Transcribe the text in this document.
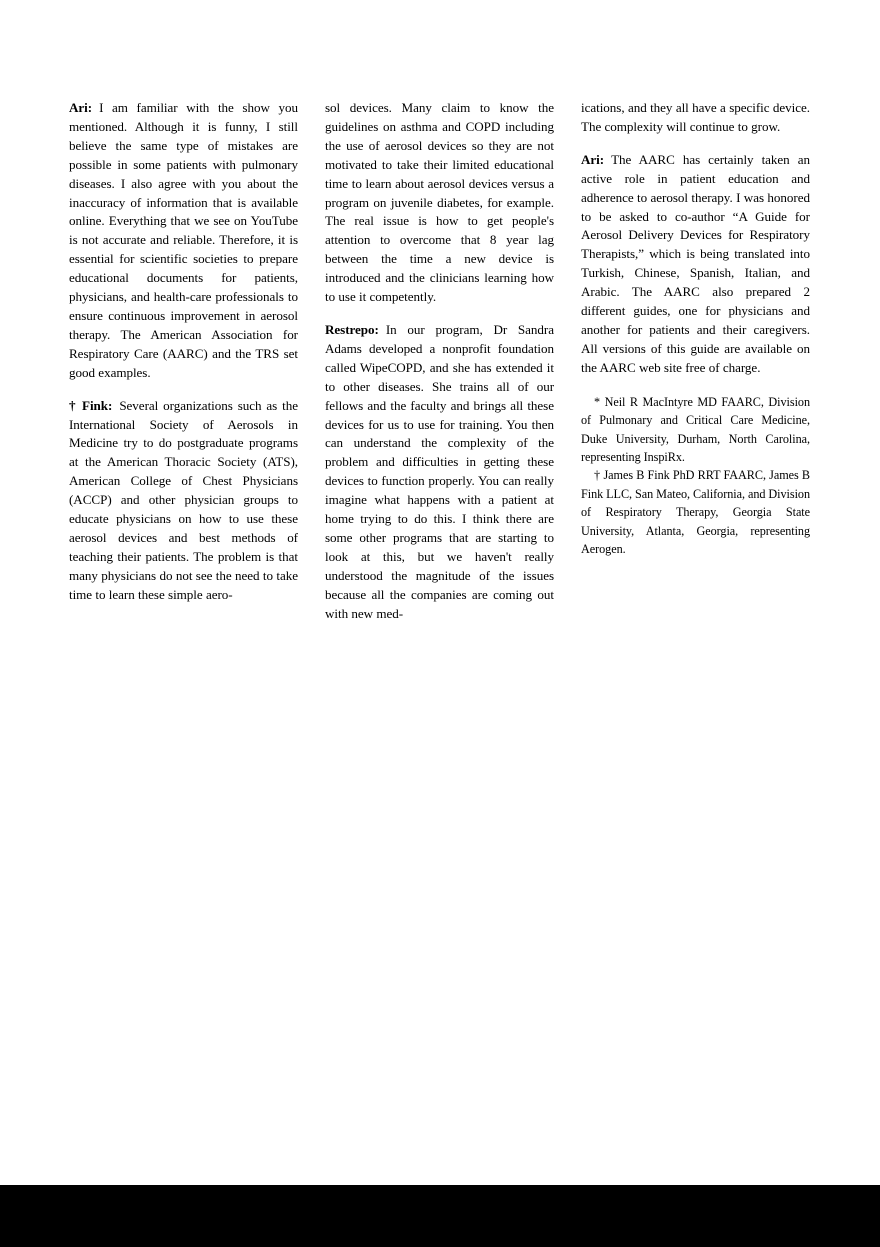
Ari: I am familiar with the show you mentioned. Although it is funny, I still believe the same type of mistakes are possible in some patients with pulmonary diseases. I also agree with you about the inaccuracy of information that is available online. Everything that we see on YouTube is not accurate and reliable. Therefore, it is essential for scientific societies to prepare educational documents for patients, physicians, and health-care professionals to ensure continuous improvement in aerosol therapy. The American Association for Respiratory Care (AARC) and the TRS set good examples.

† Fink: Several organizations such as the International Society of Aerosols in Medicine try to do postgraduate programs at the American Thoracic Society (ATS), American College of Chest Physicians (ACCP) and other physician groups to educate physicians on how to use these aerosol devices and best methods of teaching their patients. The problem is that many physicians do not see the need to take time to learn these simple aero-

sol devices. Many claim to know the guidelines on asthma and COPD including the use of aerosol devices so they are not motivated to take their limited educational time to learn about aerosol devices versus a program on juvenile diabetes, for example. The real issue is how to get people's attention to overcome that 8 year lag between the time a new device is introduced and the clinicians learning how to use it competently.

Restrepo: In our program, Dr Sandra Adams developed a nonprofit foundation called WipeCOPD, and she has extended it to other diseases. She trains all of our fellows and the faculty and brings all these devices for us to use for training. You then can understand the complexity of the problem and difficulties in getting these devices to function properly. You can really imagine what happens with a patient at home trying to do this. I think there are some other programs that are starting to look at this, but we haven't really understood the magnitude of the issues because all the companies are coming out with new med-

ications, and they all have a specific device. The complexity will continue to grow.

Ari: The AARC has certainly taken an active role in patient education and adherence to aerosol therapy. I was honored to be asked to co-author “A Guide for Aerosol Delivery Devices for Respiratory Therapists,” which is being translated into Turkish, Chinese, Spanish, Italian, and Arabic. The AARC also prepared 2 different guides, one for physicians and another for patients and their caregivers. All versions of this guide are available on the AARC web site free of charge.

* Neil R MacIntyre MD FAARC, Division of Pulmonary and Critical Care Medicine, Duke University, Durham, North Carolina, representing InspiRx.

† James B Fink PhD RRT FAARC, James B Fink LLC, San Mateo, California, and Division of Respiratory Therapy, Georgia State University, Atlanta, Georgia, representing Aerogen.
